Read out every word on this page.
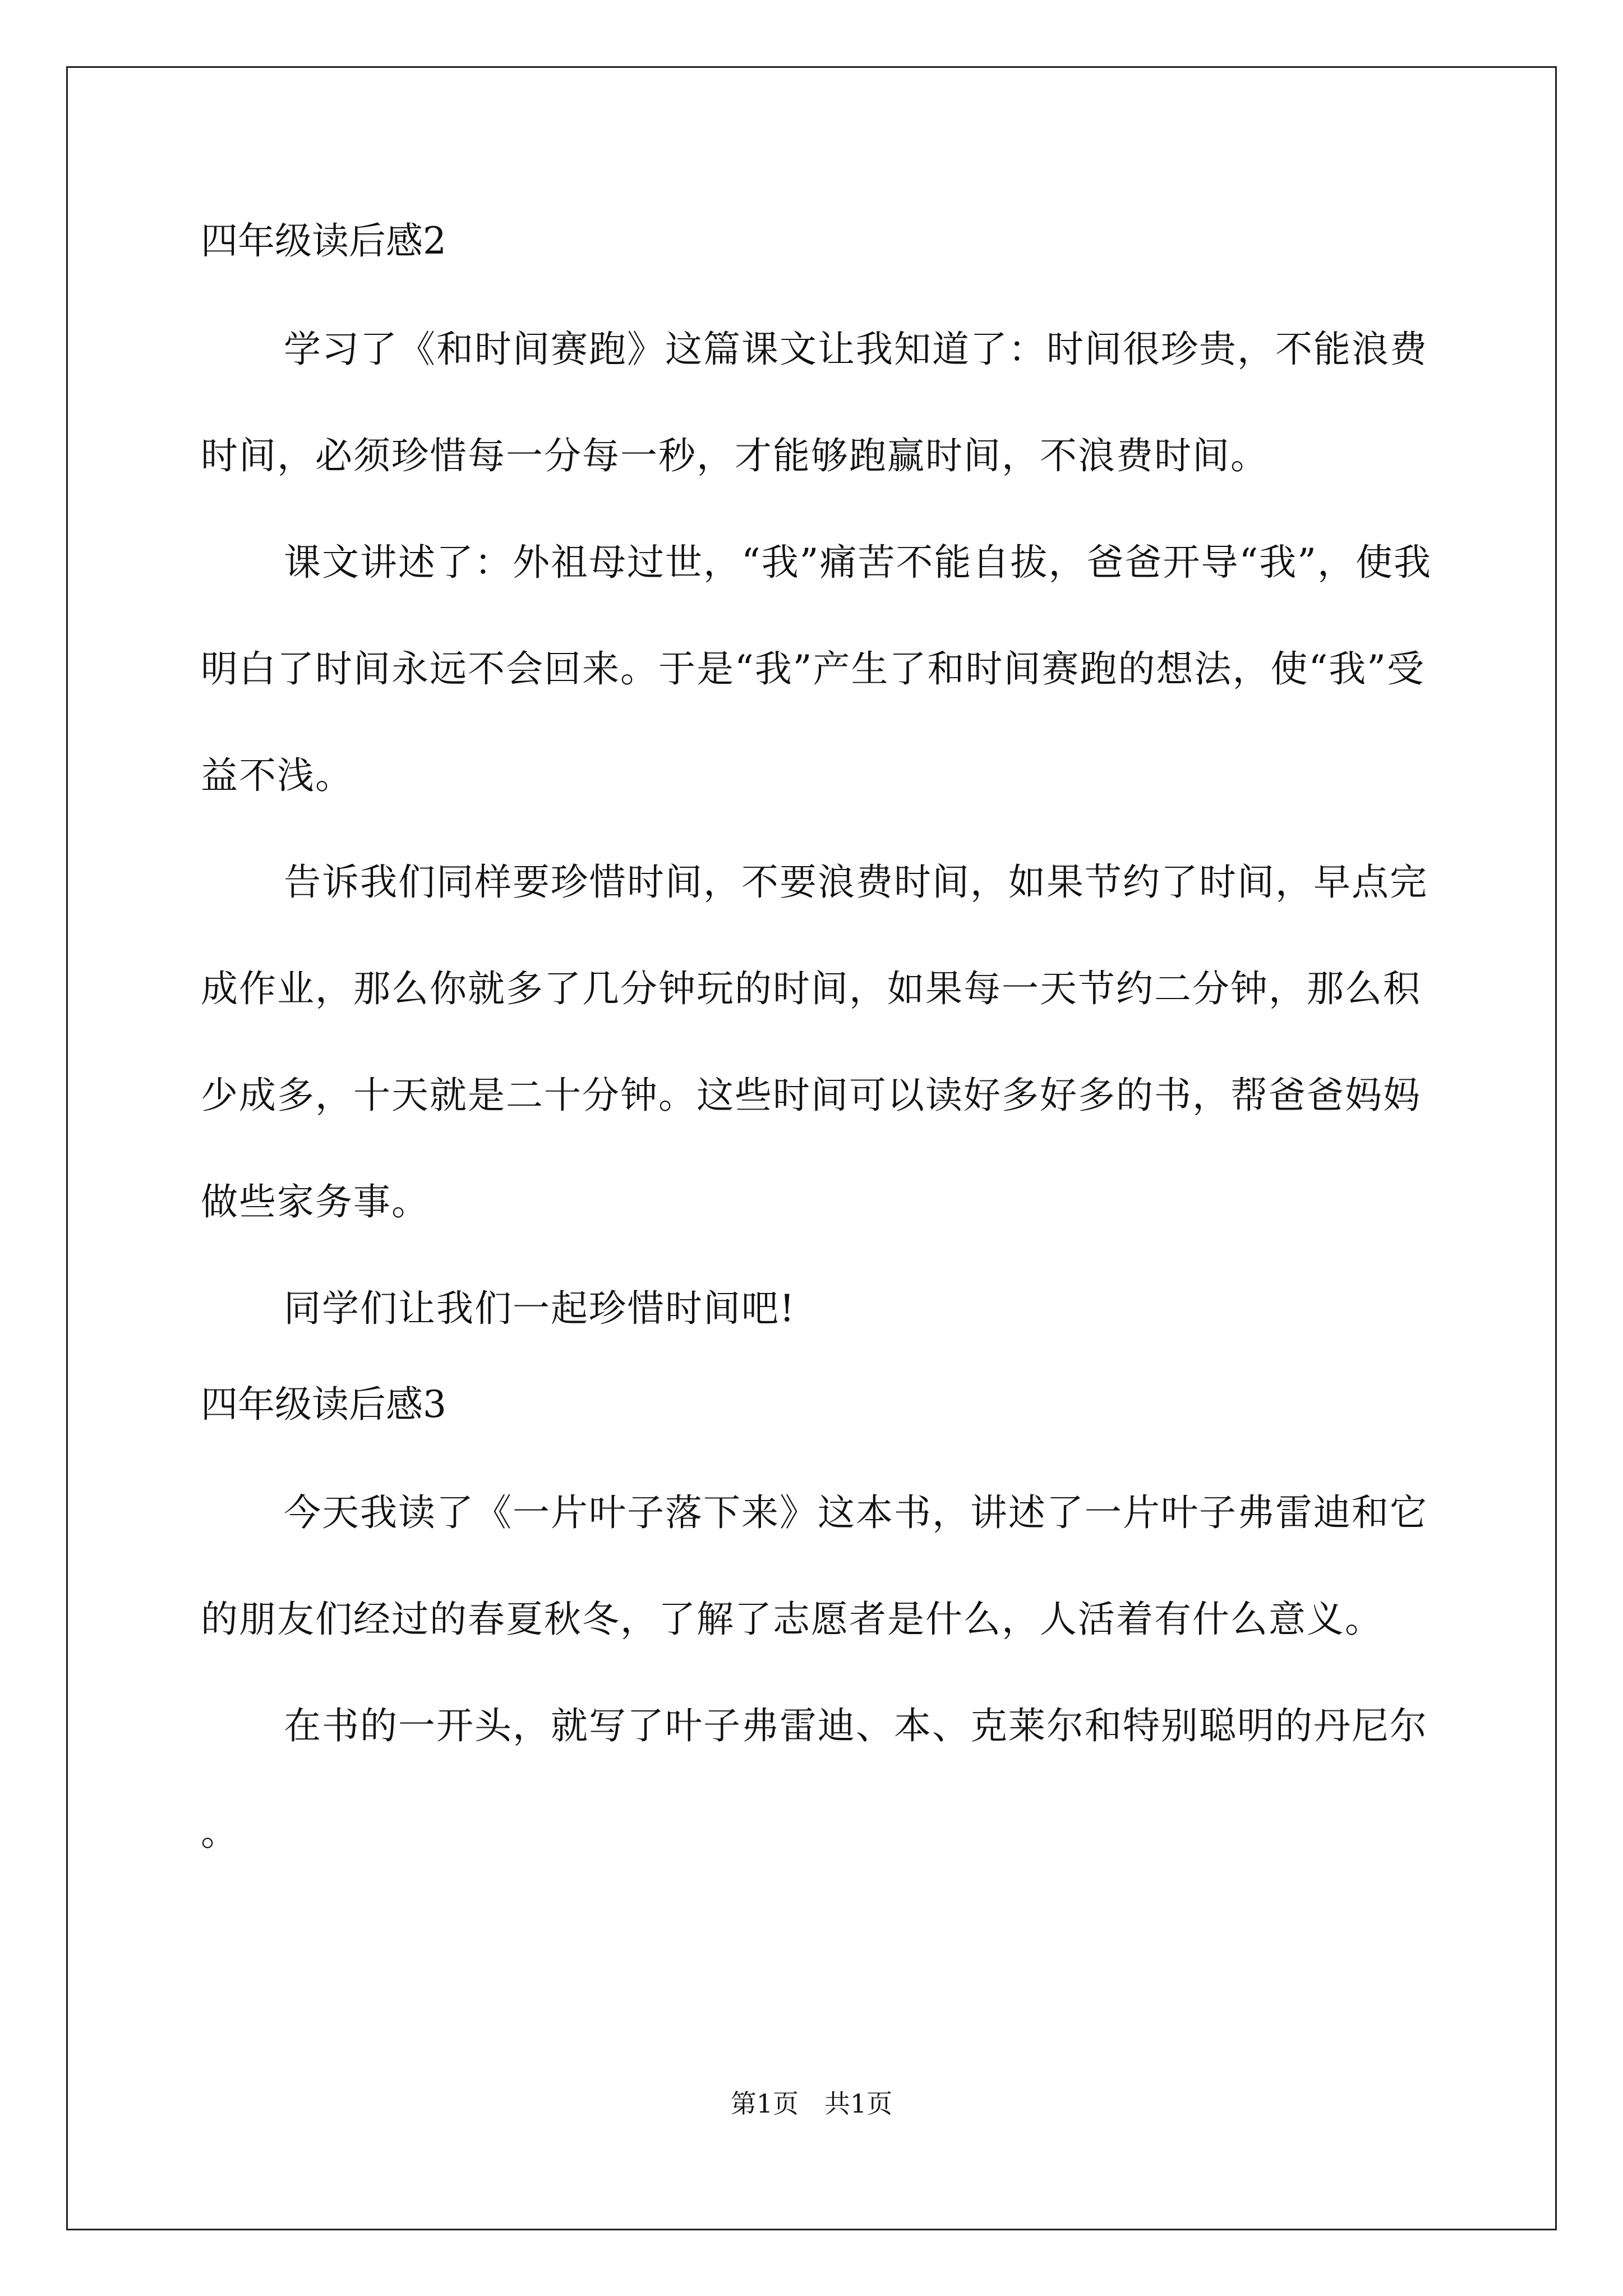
四年级读后感2

学习了《和时间赛跑》这篇课文让我知道了：时间很珍贵，不能浪费时间，必须珍惜每一分每一秒，才能够跑赢时间，不浪费时间。

课文讲述了：外祖母过世，“我”痛苦不能自拔，爸爸开导“我”，使我明白了时间永远不会回来。于是“我”产生了和时间赛跑的想法，使“我”受益不浅。

告诉我们同样要珍惜时间，不要浪费时间，如果节约了时间，早点完成作业，那么你就多了几分钟玩的时间，如果每一天节约二分钟，那么积少成多，十天就是二十分钟。这些时间可以读好多好多的书，帮爸爸妈妈做些家务事。

同学们让我们一起珍惜时间吧!

四年级读后感3

今天我读了《一片叶子落下来》这本书，讲述了一片叶子弗雷迪和它的朋友们经过的春夏秋冬，了解了志愿者是什么，人活着有什么意义。

在书的一开头，就写了叶子弗雷迪、本、克莱尔和特别聪明的丹尼尔 。

第1页　共1页
